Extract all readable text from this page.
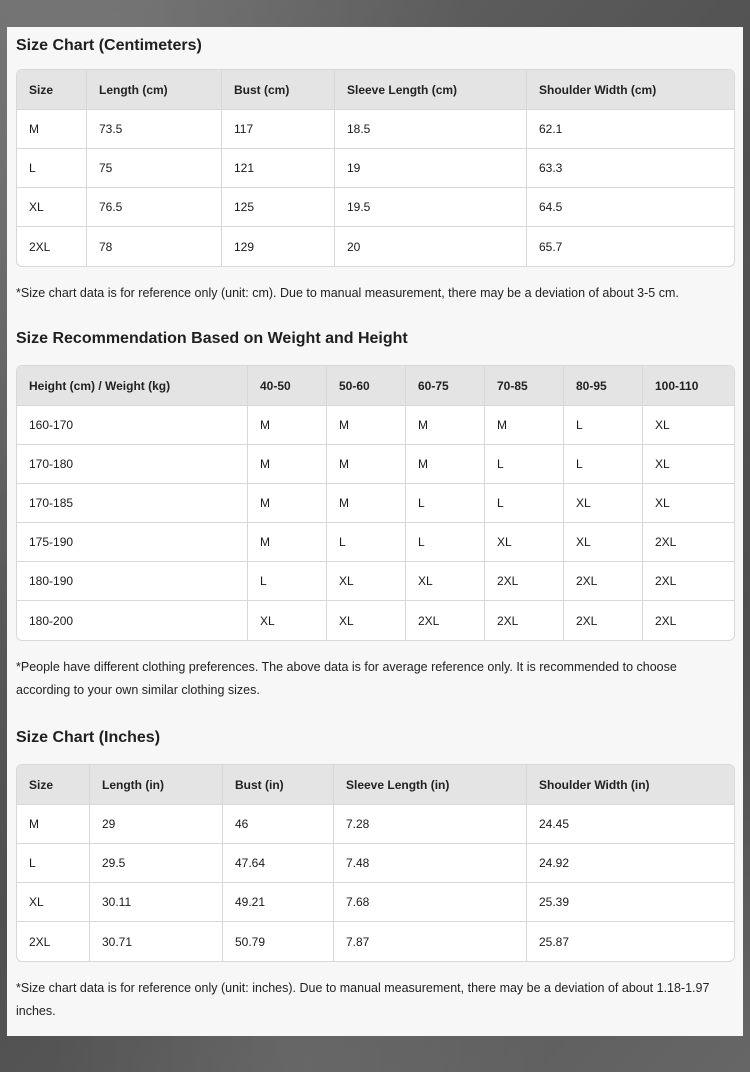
Size Chart (Centimeters)
Size	Length (cm)	Bust (cm)	Sleeve Length (cm)	Shoulder Width (cm)
M	73.5	117	18.5	62.1
L	75	121	19	63.3
XL	76.5	125	19.5	64.5
2XL	78	129	20	65.7

*Size chart data is for reference only (unit: cm). Due to manual measurement, there may be a deviation of about 3-5 cm.

Size Recommendation Based on Weight and Height
Height (cm) / Weight (kg)	40-50	50-60	60-75	70-85	80-95	100-110
160-170	M	M	M	M	L	XL
170-180	M	M	M	L	L	XL
170-185	M	M	L	L	XL	XL
175-190	M	L	L	XL	XL	2XL
180-190	L	XL	XL	2XL	2XL	2XL
180-200	XL	XL	2XL	2XL	2XL	2XL

*People have different clothing preferences. The above data is for average reference only. It is recommended to choose according to your own similar clothing sizes.

Size Chart (Inches)
Size	Length (in)	Bust (in)	Sleeve Length (in)	Shoulder Width (in)
M	29	46	7.28	24.45
L	29.5	47.64	7.48	24.92
XL	30.11	49.21	7.68	25.39
2XL	30.71	50.79	7.87	25.87

*Size chart data is for reference only (unit: inches). Due to manual measurement, there may be a deviation of about 1.18-1.97 inches.
